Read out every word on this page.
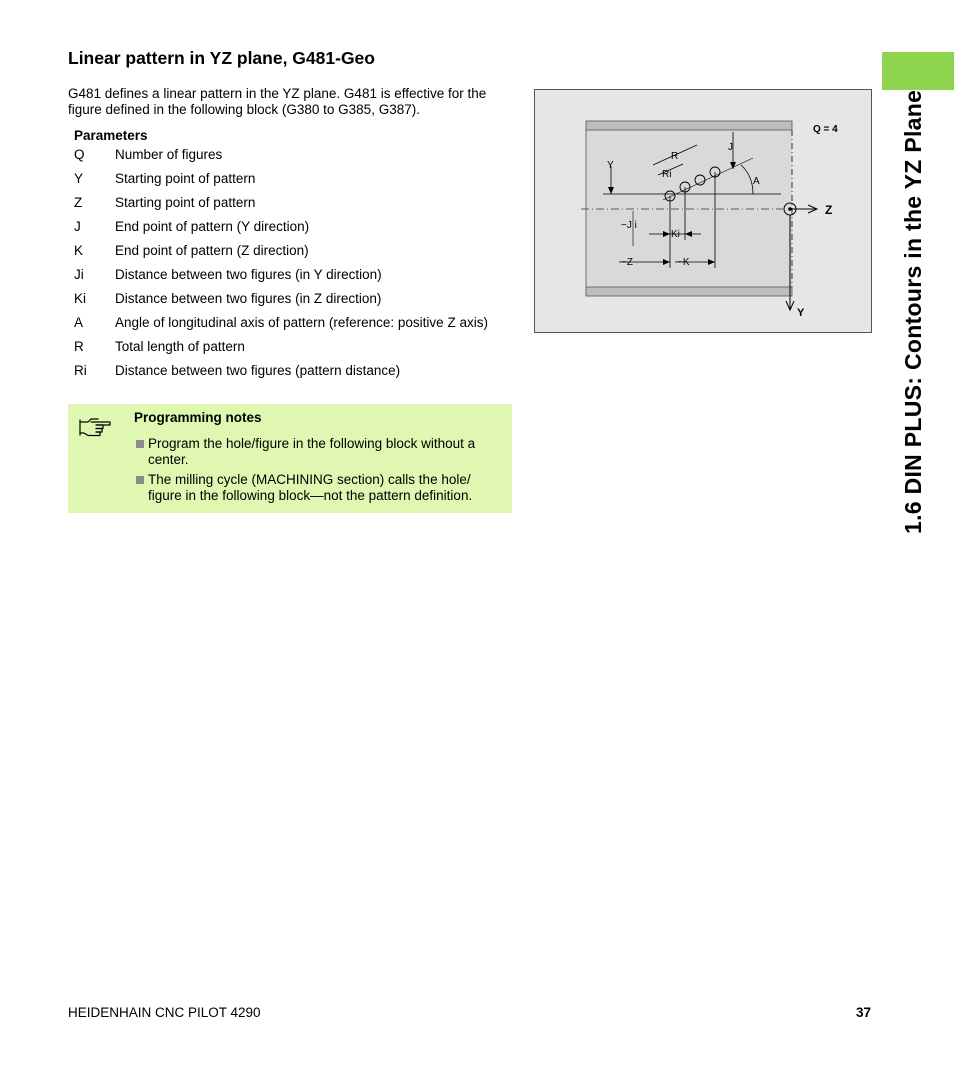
1.6 DIN PLUS: Contours in the YZ Plane
Linear pattern in YZ plane, G481-Geo

G481 defines a linear pattern in the YZ plane. G481 is effective for the figure defined in the following block (G380 to G385, G387).

Parameters
Q	Number of figures
Y	Starting point of pattern
Z	Starting point of pattern
J	End point of pattern (Y direction)
K	End point of pattern (Z direction)
Ji	Distance between two figures (in Y direction)
Ki	Distance between two figures (in Z direction)
A	Angle of longitudinal axis of pattern (reference: positive Z axis)
R	Total length of pattern
Ri	Distance between two figures (pattern distance)
Programming notes
Program the hole/figure in the following block without a center.
The milling cycle (MACHINING section) calls the hole/ figure in the following block—not the pattern definition.
Z
Y
Q = 4
Y
R
Ri
J
A
−J i
Ki
−Z	−K
HEIDENHAIN CNC PILOT 4290	37
